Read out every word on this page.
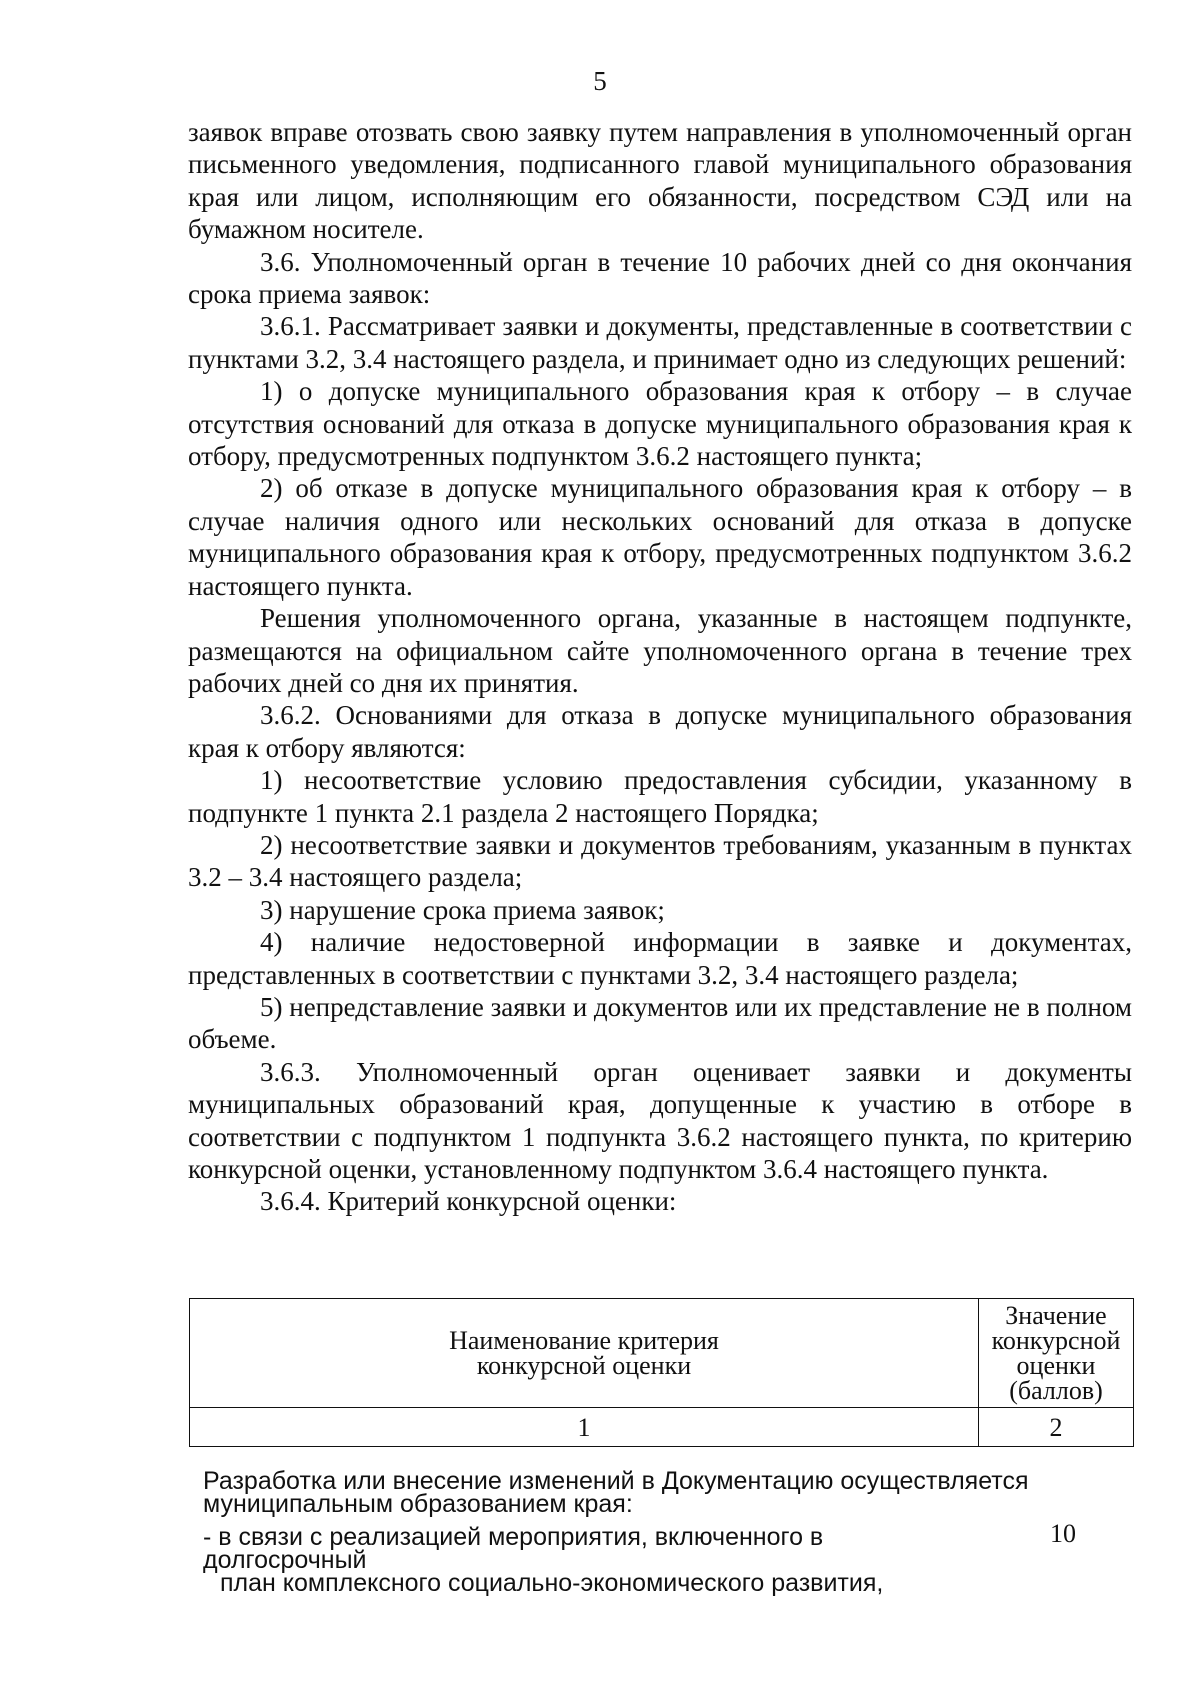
5

заявок вправе отозвать свою заявку путем направления в уполномоченный орган письменного уведомления, подписанного главой муниципального образования края или лицом, исполняющим его обязанности, посредством СЭД или на бумажном носителе.

3.6. Уполномоченный орган в течение 10 рабочих дней со дня окончания срока приема заявок:

3.6.1. Рассматривает заявки и документы, представленные в соответствии с пунктами 3.2, 3.4 настоящего раздела, и принимает одно из следующих решений:

1) о допуске муниципального образования края к отбору – в случае отсутствия оснований для отказа в допуске муниципального образования края к отбору, предусмотренных подпунктом 3.6.2 настоящего пункта;

2) об отказе в допуске муниципального образования края к отбору – в случае наличия одного или нескольких оснований для отказа в допуске муниципального образования края к отбору, предусмотренных подпунктом 3.6.2 настоящего пункта.

Решения уполномоченного органа, указанные в настоящем подпункте, размещаются на официальном сайте уполномоченного органа в течение трех рабочих дней со дня их принятия.

3.6.2. Основаниями для отказа в допуске муниципального образования края к отбору являются:

1) несоответствие условию предоставления субсидии, указанному в подпункте 1 пункта 2.1 раздела 2 настоящего Порядка;

2) несоответствие заявки и документов требованиям, указанным в пунктах 3.2 – 3.4 настоящего раздела;

3) нарушение срока приема заявок;

4) наличие недостоверной информации в заявке и документах, представленных в соответствии с пунктами 3.2, 3.4 настоящего раздела;

5) непредставление заявки и документов или их представление не в полном объеме.

3.6.3. Уполномоченный орган оценивает заявки и документы муниципальных образований края, допущенные к участию в отборе в соответствии с подпунктом 1 подпункта 3.6.2 настоящего пункта, по критерию конкурсной оценки, установленному подпунктом 3.6.4 настоящего пункта.

3.6.4. Критерий конкурсной оценки:

Наименование критерия конкурсной оценки	Значение конкурсной оценки (баллов)
1	2

Разработка или внесение изменений в Документацию осуществляется муниципальным образованием края:

- в связи с реализацией мероприятия, включенного в долгосрочный
план комплексного социально-экономического развития,
10
